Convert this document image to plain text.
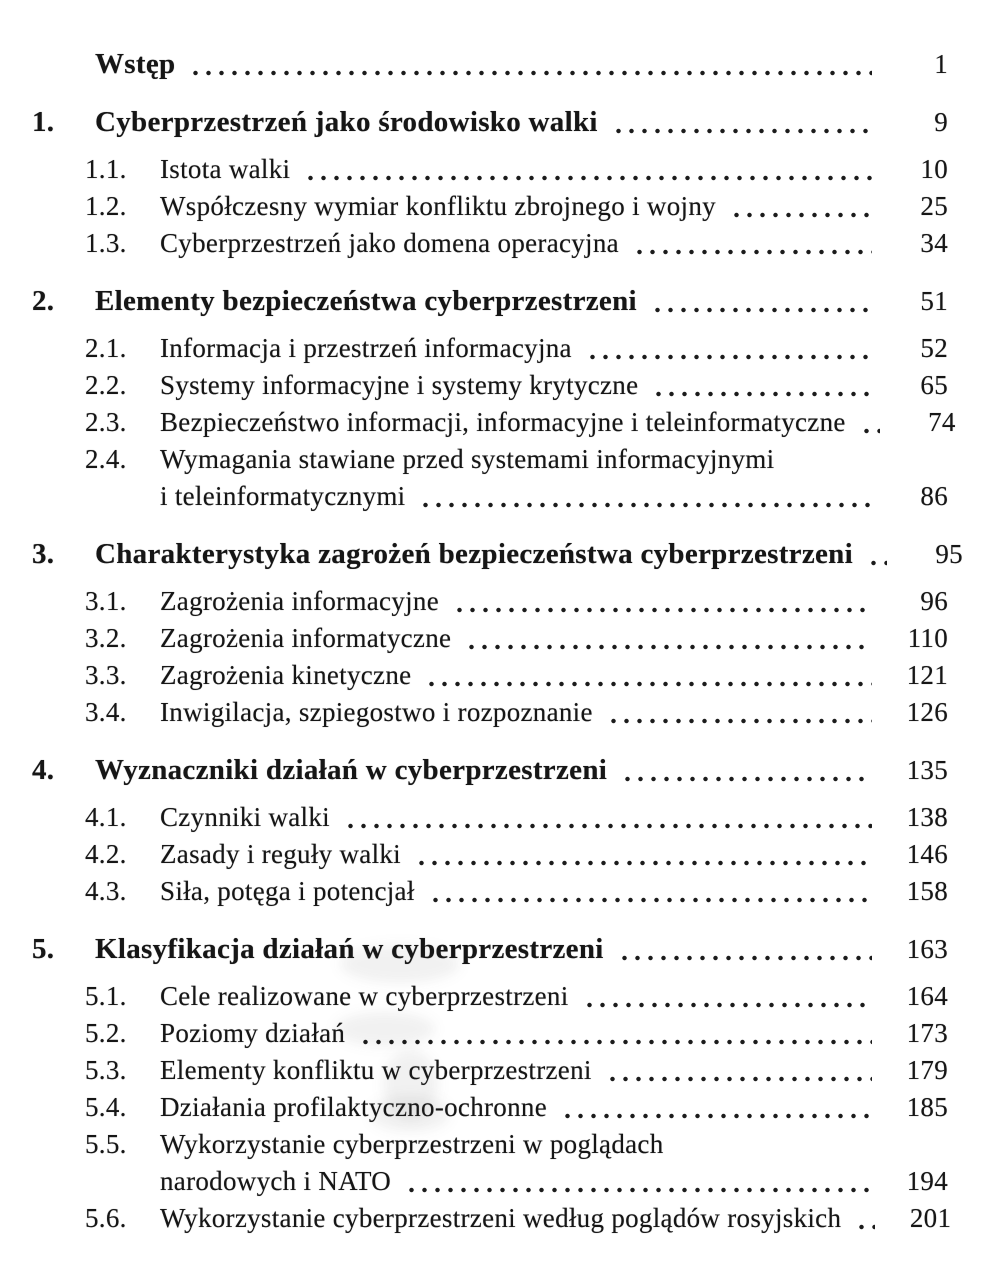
Wstęp	1
1.	Cyberprzestrzeń jako środowisko walki	9
1.1.	Istota walki	10
1.2.	Współczesny wymiar konfliktu zbrojnego i wojny	25
1.3.	Cyberprzestrzeń jako domena operacyjna	34
2.	Elementy bezpieczeństwa cyberprzestrzeni	51
2.1.	Informacja i przestrzeń informacyjna	52
2.2.	Systemy informacyjne i systemy krytyczne	65
2.3.	Bezpieczeństwo informacji, informacyjne i teleinformatyczne	74
2.4.	Wymagania stawiane przed systemami informacyjnymi
i teleinformatycznymi	86
3.	Charakterystyka zagrożeń bezpieczeństwa cyberprzestrzeni	95
3.1.	Zagrożenia informacyjne	96
3.2.	Zagrożenia informatyczne	110
3.3.	Zagrożenia kinetyczne	121
3.4.	Inwigilacja, szpiegostwo i rozpoznanie	126
4.	Wyznaczniki działań w cyberprzestrzeni	135
4.1.	Czynniki walki	138
4.2.	Zasady i reguły walki	146
4.3.	Siła, potęga i potencjał	158
5.	Klasyfikacja działań w cyberprzestrzeni	163
5.1.	Cele realizowane w cyberprzestrzeni	164
5.2.	Poziomy działań	173
5.3.	Elementy konfliktu w cyberprzestrzeni	179
5.4.	Działania profilaktyczno-ochronne	185
5.5.	Wykorzystanie cyberprzestrzeni w poglądach
narodowych i NATO	194
5.6.	Wykorzystanie cyberprzestrzeni według poglądów rosyjskich	201
